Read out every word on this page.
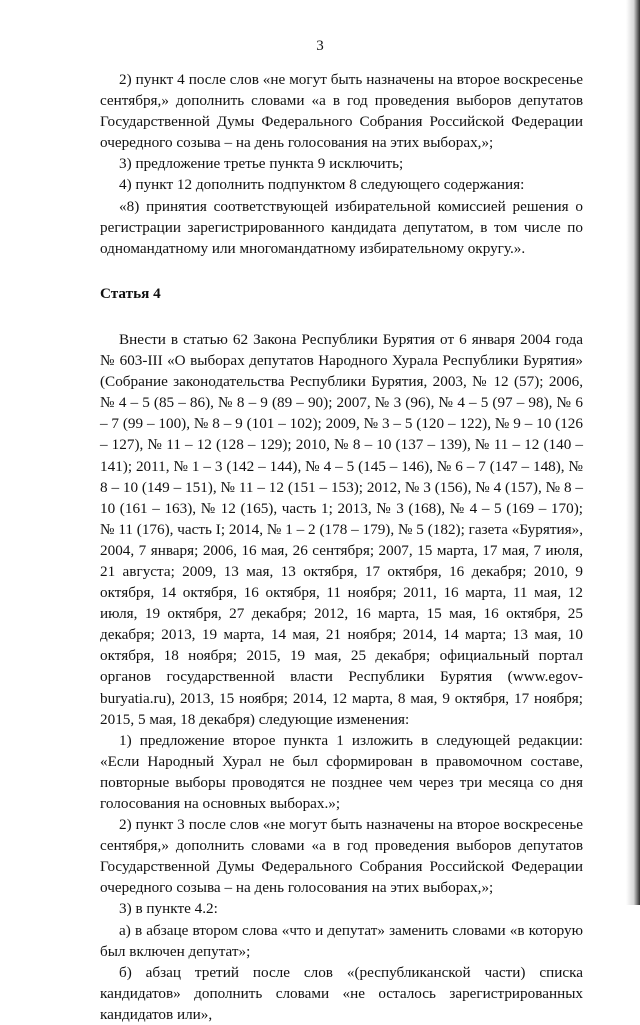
3

2) пункт 4 после слов «не могут быть назначены на второе воскресенье сентября,» дополнить словами «а в год проведения выборов депутатов Государственной Думы Федерального Собрания Российской Федерации очередного созыва – на день голосования на этих выборах,»;

3) предложение третье пункта 9 исключить;

4) пункт 12 дополнить подпунктом 8 следующего содержания:

«8) принятия соответствующей избирательной комиссией решения о регистрации зарегистрированного кандидата депутатом, в том числе по одномандатному или многомандатному избирательному округу.».

Статья 4

Внести в статью 62 Закона Республики Бурятия от 6 января 2004 года № 603-III «О выборах депутатов Народного Хурала Республики Бурятия» (Собрание законодательства Республики Бурятия, 2003, № 12 (57); 2006, № 4 – 5 (85 – 86), № 8 – 9 (89 – 90); 2007, № 3 (96), № 4 – 5 (97 – 98), № 6 – 7 (99 – 100), № 8 – 9 (101 – 102); 2009, № 3 – 5 (120 – 122), № 9 – 10 (126 – 127), № 11 – 12 (128 – 129); 2010, № 8 – 10 (137 – 139), № 11 – 12 (140 – 141); 2011, № 1 – 3 (142 – 144), № 4 – 5 (145 – 146), № 6 – 7 (147 – 148), № 8 – 10 (149 – 151), № 11 – 12 (151 – 153); 2012, № 3 (156), № 4 (157), № 8 – 10 (161 – 163), № 12 (165), часть 1; 2013, № 3 (168), № 4 – 5 (169 – 170); № 11 (176), часть I; 2014, № 1 – 2 (178 – 179), № 5 (182); газета «Бурятия», 2004, 7 января; 2006, 16 мая, 26 сентября; 2007, 15 марта, 17 мая, 7 июля, 21 августа; 2009, 13 мая, 13 октября, 17 октября, 16 декабря; 2010, 9 октября, 14 октября, 16 октября, 11 ноября; 2011, 16 марта, 11 мая, 12 июля, 19 октября, 27 декабря; 2012, 16 марта, 15 мая, 16 октября, 25 декабря; 2013, 19 марта, 14 мая, 21 ноября; 2014, 14 марта; 13 мая, 10 октября, 18 ноября; 2015, 19 мая, 25 декабря; официальный портал органов государственной власти Республики Бурятия (www.egov-buryatia.ru), 2013, 15 ноября; 2014, 12 марта, 8 мая, 9 октября, 17 ноября; 2015, 5 мая, 18 декабря) следующие изменения:

1) предложение второе пункта 1 изложить в следующей редакции: «Если Народный Хурал не был сформирован в правомочном составе, повторные выборы проводятся не позднее чем через три месяца со дня голосования на основных выборах.»;

2) пункт 3 после слов «не могут быть назначены на второе воскресенье сентября,» дополнить словами «а в год проведения выборов депутатов Государственной Думы Федерального Собрания Российской Федерации очередного созыва – на день голосования на этих выборах,»;

3) в пункте 4.2:

а) в абзаце втором слова «что и депутат» заменить словами «в которую был включен депутат»;

б) абзац третий после слов «(республиканской части) списка кандидатов» дополнить словами «не осталось зарегистрированных кандидатов или»,
